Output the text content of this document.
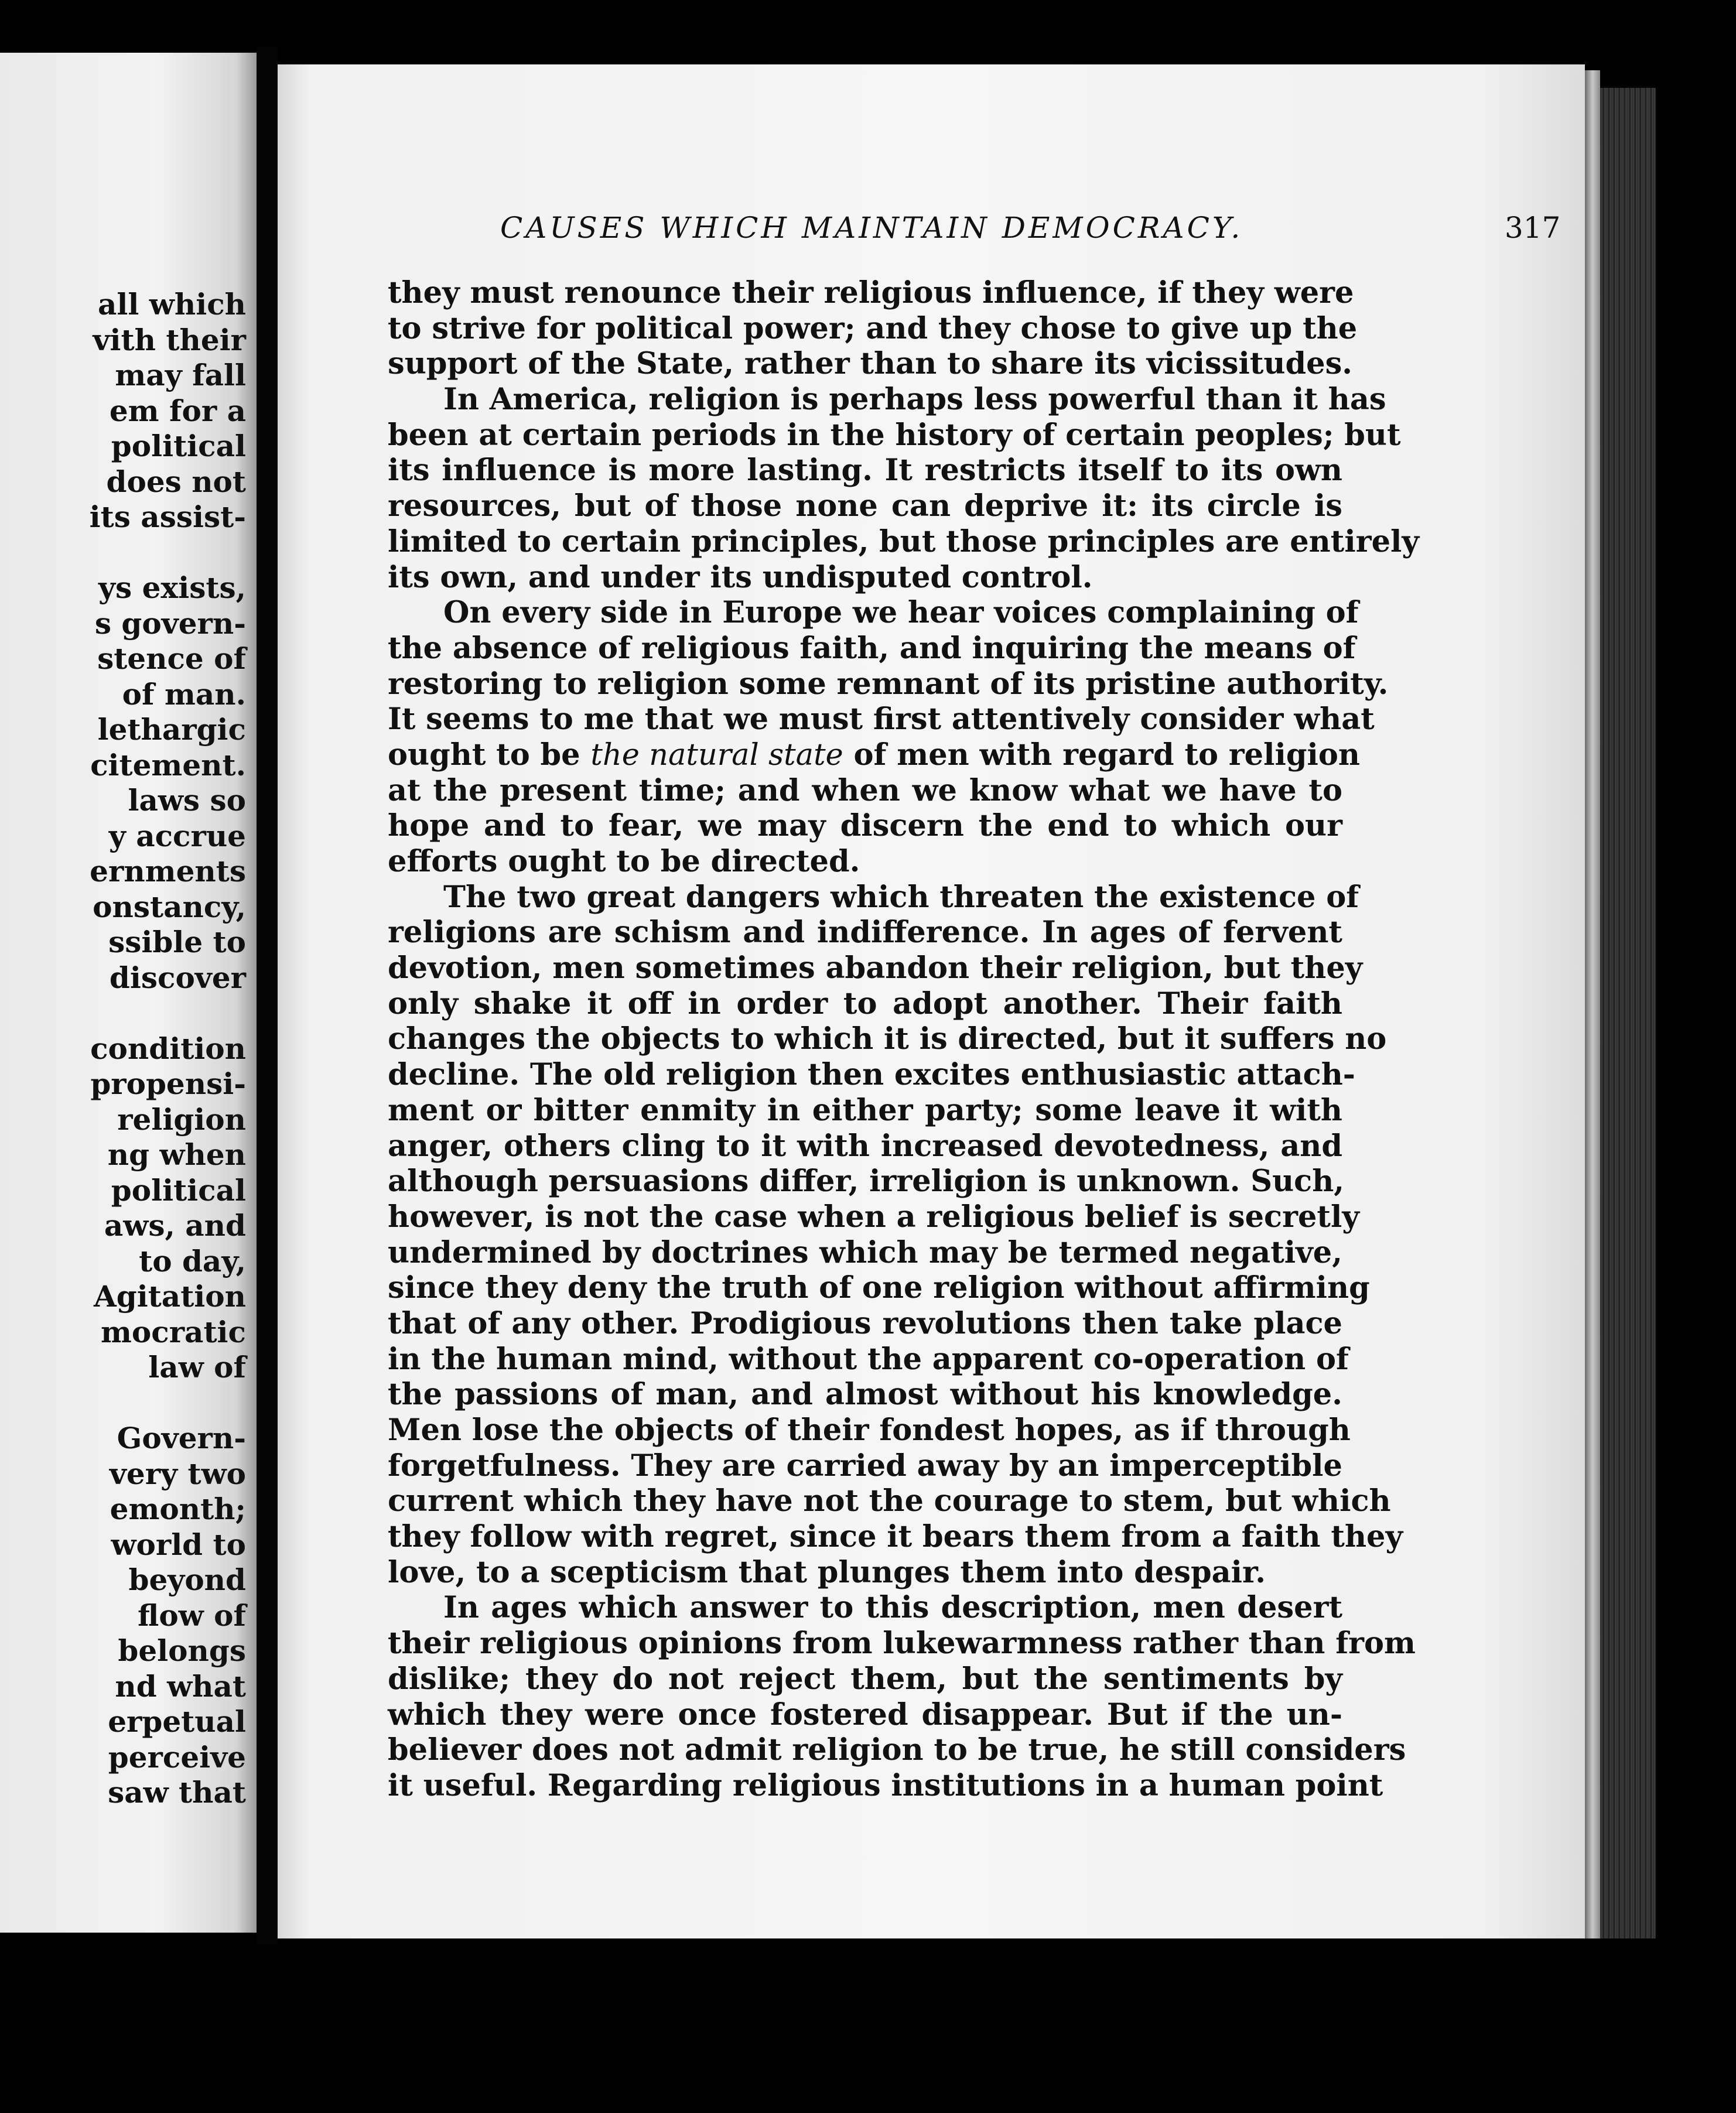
all which
vith their
may fall
em for a
political
does not
its assist-
ys exists,
s govern-
stence of
of man.
lethargic
citement.
laws so
y accrue
ernments
onstancy,
ssible to
discover
condition
propensi-
religion
ng when
political
aws, and
to day,
Agitation
mocratic
law of
Govern-
very two
emonth;
world to
beyond
flow of
belongs
nd what
erpetual
perceive
saw that
CAUSES WHICH MAINTAIN DEMOCRACY.	317
they must renounce their religious influence, if they were
to strive for political power; and they chose to give up the
support of the State, rather than to share its vicissitudes.
In America, religion is perhaps less powerful than it has
been at certain periods in the history of certain peoples; but
its influence is more lasting. It restricts itself to its own
resources, but of those none can deprive it: its circle is
limited to certain principles, but those principles are entirely
its own, and under its undisputed control.
On every side in Europe we hear voices complaining of
the absence of religious faith, and inquiring the means of
restoring to religion some remnant of its pristine authority.
It seems to me that we must first attentively consider what
ought to be the natural state of men with regard to religion
at the present time; and when we know what we have to
hope and to fear, we may discern the end to which our
efforts ought to be directed.
The two great dangers which threaten the existence of
religions are schism and indifference. In ages of fervent
devotion, men sometimes abandon their religion, but they
only shake it off in order to adopt another. Their faith
changes the objects to which it is directed, but it suffers no
decline. The old religion then excites enthusiastic attach-
ment or bitter enmity in either party; some leave it with
anger, others cling to it with increased devotedness, and
although persuasions differ, irreligion is unknown. Such,
however, is not the case when a religious belief is secretly
undermined by doctrines which may be termed negative,
since they deny the truth of one religion without affirming
that of any other. Prodigious revolutions then take place
in the human mind, without the apparent co-operation of
the passions of man, and almost without his knowledge.
Men lose the objects of their fondest hopes, as if through
forgetfulness. They are carried away by an imperceptible
current which they have not the courage to stem, but which
they follow with regret, since it bears them from a faith they
love, to a scepticism that plunges them into despair.
In ages which answer to this description, men desert
their religious opinions from lukewarmness rather than from
dislike; they do not reject them, but the sentiments by
which they were once fostered disappear. But if the un-
believer does not admit religion to be true, he still considers
it useful. Regarding religious institutions in a human point
